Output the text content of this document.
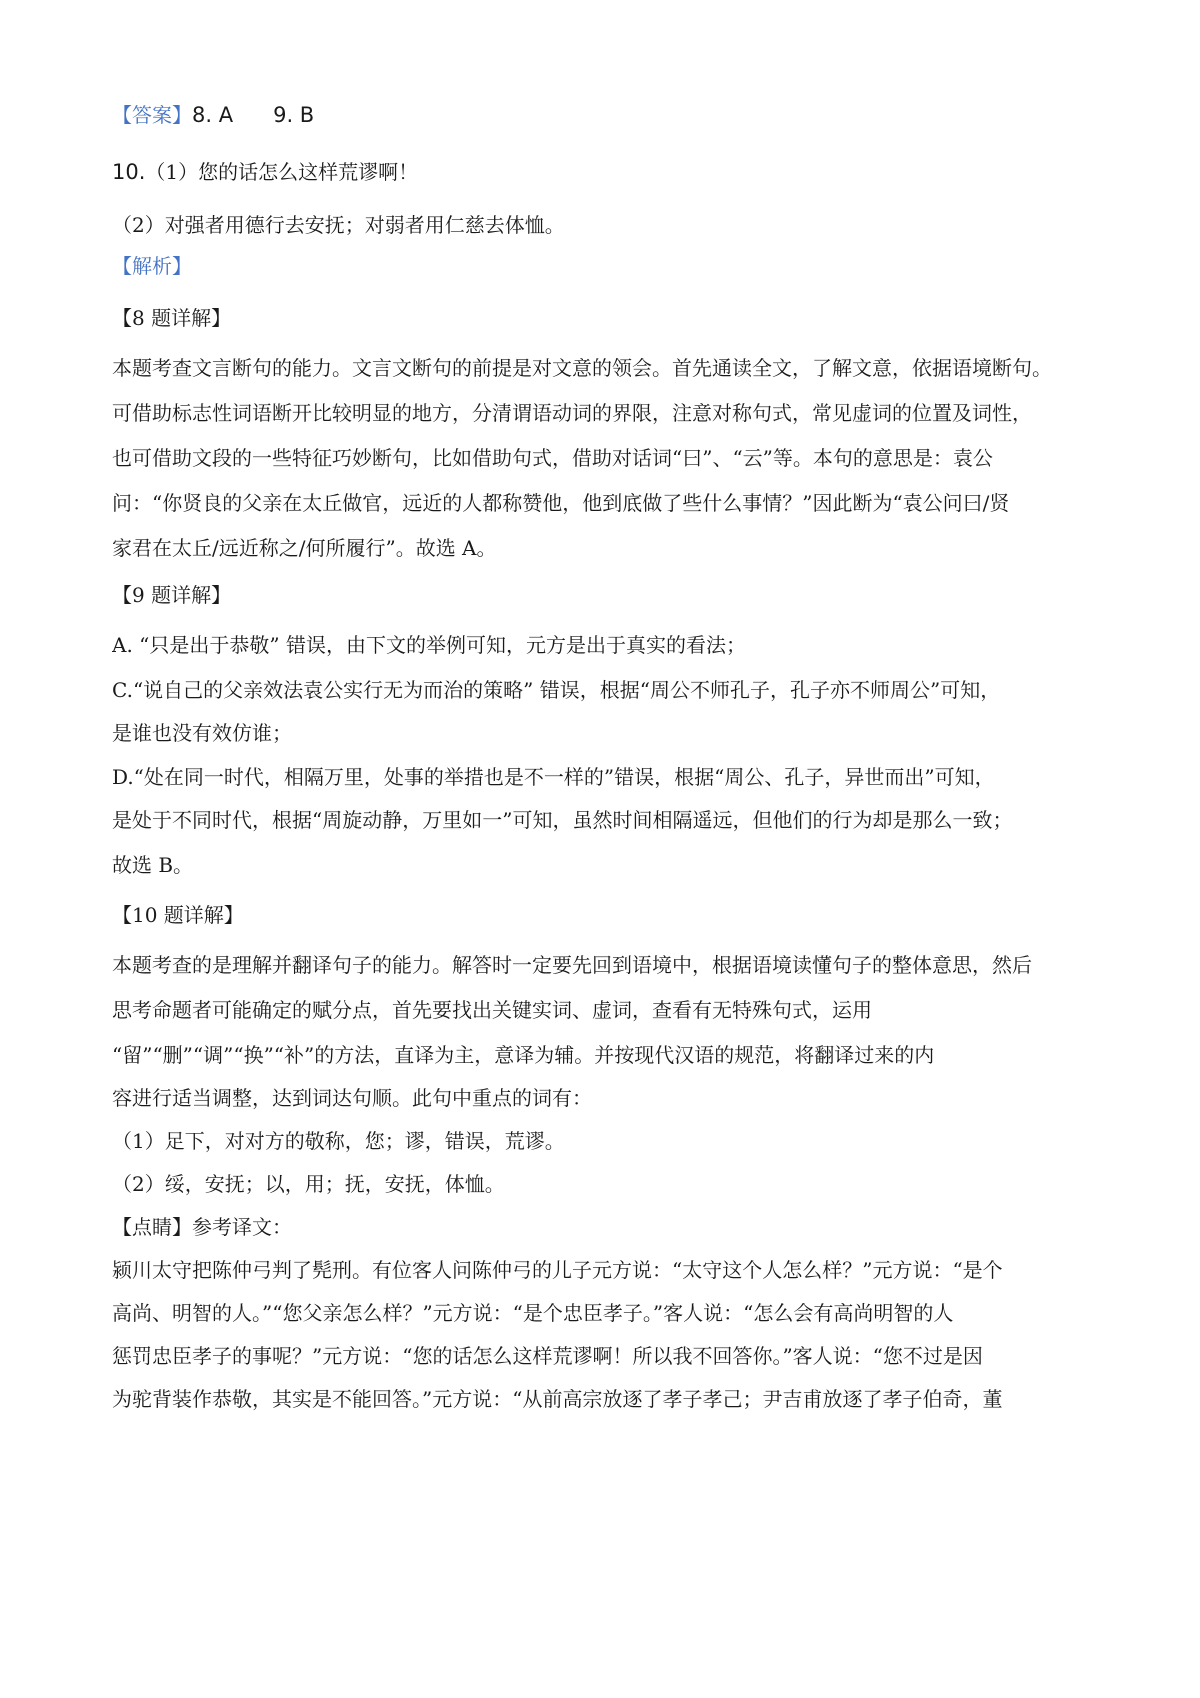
【答案】8. A 9. B
10.（1）您的话怎么这样荒谬啊！
（2）对强者用德行去安抚；对弱者用仁慈去体恤。
【解析】
【8 题详解】
本题考查文言断句的能力。文言文断句的前提是对文意的领会。首先通读全文，了解文意，依据语境断句。
可借助标志性词语断开比较明显的地方，分清谓语动词的界限，注意对称句式，常见虚词的位置及词性，
也可借助文段的一些特征巧妙断句，比如借助句式，借助对话词“曰”、“云”等。本句的意思是：袁公
问：“你贤良的父亲在太丘做官，远近的人都称赞他，他到底做了些什么事情？”因此断为“袁公问曰/贤
家君在太丘/远近称之/何所履行”。故选 A。
【9 题详解】
A. “只是出于恭敬” 错误，由下文的举例可知，元方是出于真实的看法；
C.“说自己的父亲效法袁公实行无为而治的策略” 错误，根据“周公不师孔子，孔子亦不师周公”可知，
是谁也没有效仿谁；
D.“处在同一时代，相隔万里，处事的举措也是不一样的”错误，根据“周公、孔子，异世而出”可知，
是处于不同时代，根据“周旋动静，万里如一”可知，虽然时间相隔遥远，但他们的行为却是那么一致；
故选 B。
【10 题详解】
本题考查的是理解并翻译句子的能力。解答时一定要先回到语境中，根据语境读懂句子的整体意思，然后
思考命题者可能确定的赋分点，首先要找出关键实词、虚词，查看有无特殊句式，运用
“留”“删”“调”“换”“补”的方法，直译为主，意译为辅。并按现代汉语的规范，将翻译过来的内
容进行适当调整，达到词达句顺。此句中重点的词有：
（1）足下，对对方的敬称，您；谬，错误，荒谬。
（2）绥，安抚；以，用；抚，安抚，体恤。
【点睛】参考译文：
颍川太守把陈仲弓判了髡刑。有位客人问陈仲弓的儿子元方说：“太守这个人怎么样？”元方说：“是个
高尚、明智的人。”“您父亲怎么样？”元方说：“是个忠臣孝子。”客人说：“怎么会有高尚明智的人
惩罚忠臣孝子的事呢？”元方说：“您的话怎么这样荒谬啊！所以我不回答你。”客人说：“您不过是因
为驼背装作恭敬，其实是不能回答。”元方说：“从前高宗放逐了孝子孝己；尹吉甫放逐了孝子伯奇，董
